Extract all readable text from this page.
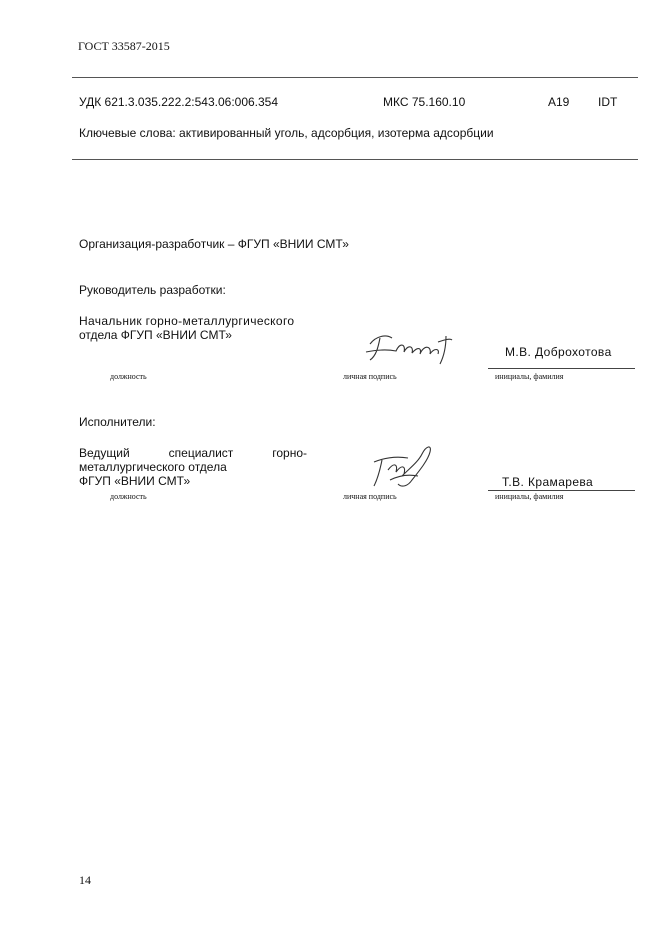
ГОСТ 33587-2015
УДК 621.3.035.222.2:543.06:006.354	МКС 75.160.10	А19 IDT
Ключевые слова: активированный уголь, адсорбция, изотерма адсорбции
Организация-разработчик – ФГУП «ВНИИ СМТ»
Руководитель разработки:
Начальник горно-металлургического
отдела ФГУП «ВНИИ СМТ»
М.В. Доброхотова
должность	личная подпись	инициалы, фамилия
Исполнители:
Ведущий специалист горно-
металлургического отдела
ФГУП «ВНИИ СМТ»	Т.В. Крамарева
должность	личная подпись	инициалы, фамилия
14
